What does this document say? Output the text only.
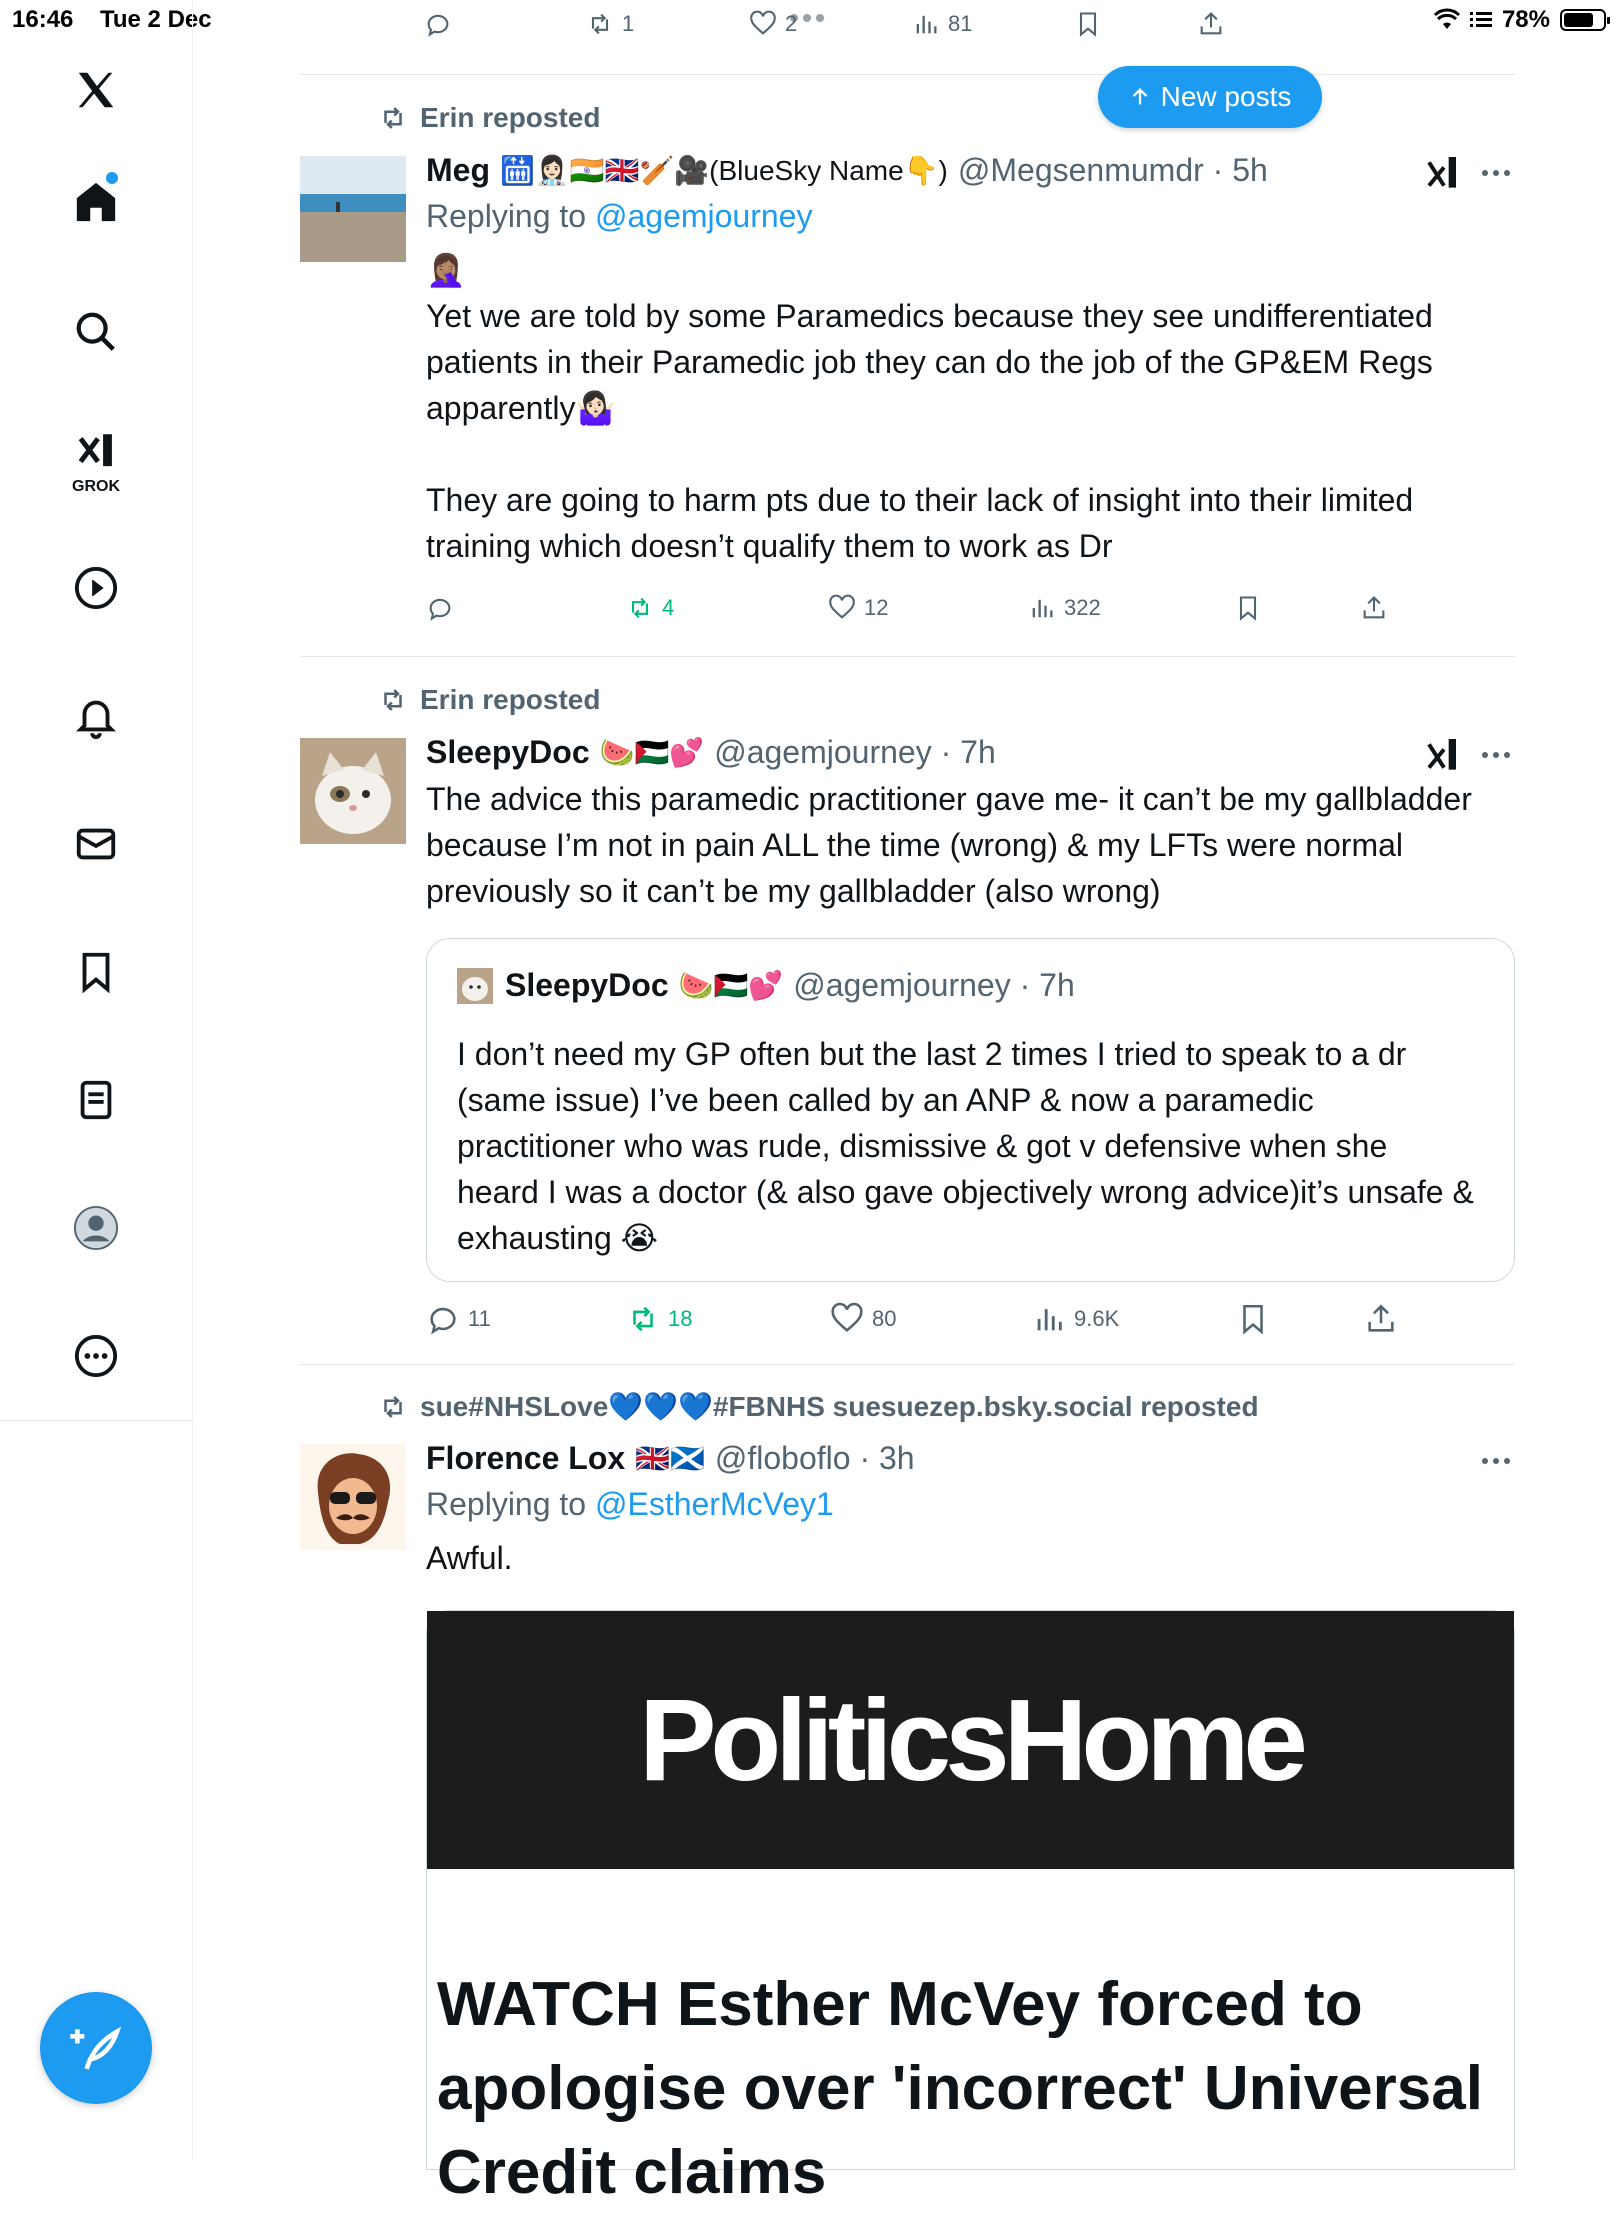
16:46 Tue 2 Dec	78%
GROK
1	2	81
New posts
Erin reposted
Meg 🛗👩🏻‍⚕️🇮🇳🇬🇧🏏🎥(BlueSky Name👇) @Megsenmumdr · 5h
Replying to @agemjourney
🤦🏽‍♀️
Yet we are told by some Paramedics because they see undifferentiated patients in their Paramedic job they can do the job of the GP&EM Regs apparently🤷🏻‍♀️

They are going to harm pts due to their lack of insight into their limited training which doesn’t qualify them to work as Dr
4	12	322
Erin reposted
SleepyDoc 🍉🇵🇸💕 @agemjourney · 7h
The advice this paramedic practitioner gave me- it can’t be my gallbladder because I’m not in pain ALL the time (wrong) & my LFTs were normal previously so it can’t be my gallbladder (also wrong)
SleepyDoc 🍉🇵🇸💕 @agemjourney · 7h
I don’t need my GP often but the last 2 times I tried to speak to a dr (same issue) I’ve been called by an ANP & now a paramedic practitioner who was rude, dismissive & got v defensive when she heard I was a doctor (& also gave objectively wrong advice)it’s unsafe & exhausting 😭
11	18	80	9.6K
sue#NHSLove💙💙💙#FBNHS suesuezep.bsky.social reposted
Florence Lox 🇬🇧🏴󠁧󠁢󠁳󠁣󠁴󠁿 @floboflo · 3h
Replying to @EstherMcVey1
Awful.
PoliticsHome
WATCH Esther McVey forced to apologise over 'incorrect' Universal Credit claims
